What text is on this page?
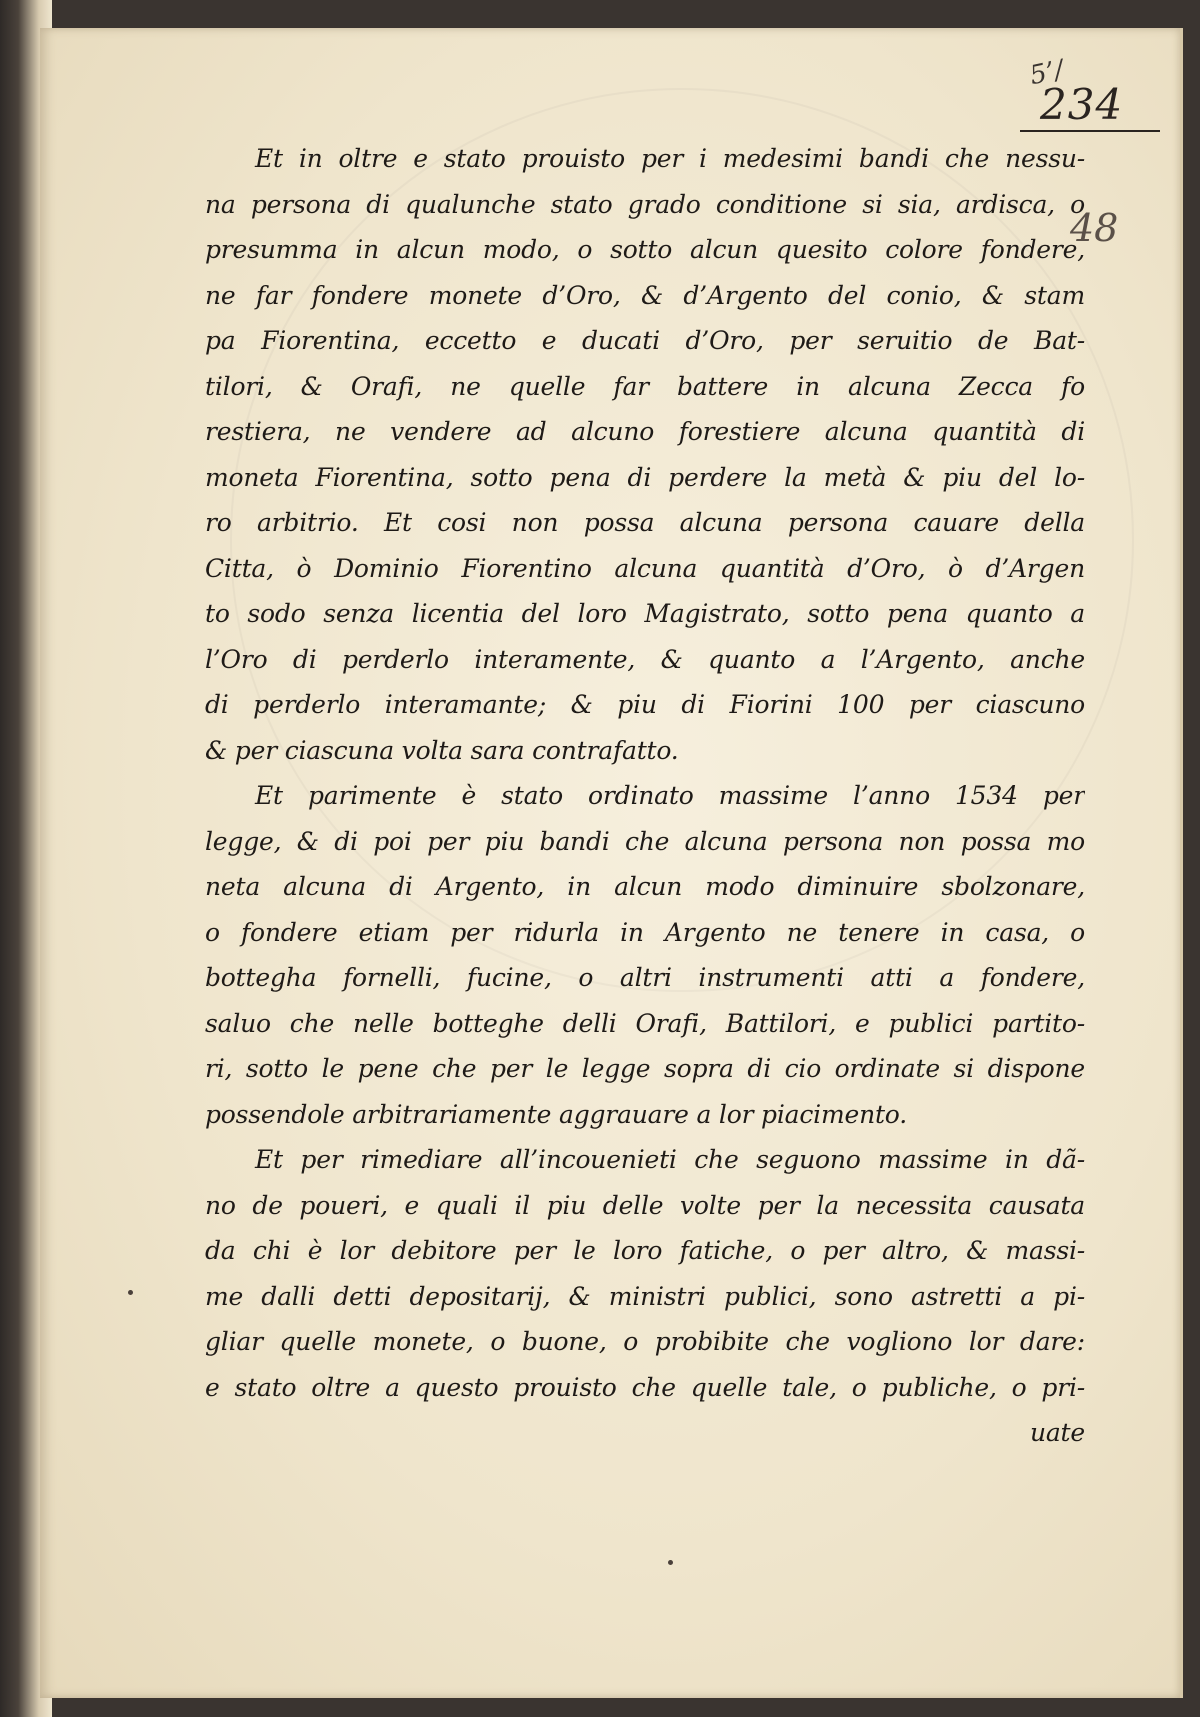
5’/
234
48
Et in oltre e stato prouisto per i medesimi bandi che nessu-
na persona di qualunche stato grado conditione si sia, ardisca, o
presumma in alcun modo, o sotto alcun quesito colore fondere,
ne far fondere monete d’Oro, & d’Argento del conio, & stam
pa Fiorentina, eccetto e ducati d’Oro, per seruitio de Bat-
tilori, & Orafi, ne quelle far battere in alcuna Zecca fo
restiera, ne vendere ad alcuno forestiere alcuna quantità di
moneta Fiorentina, sotto pena di perdere la metà & piu del lo-
ro arbitrio. Et cosi non possa alcuna persona cauare della
Citta, ò Dominio Fiorentino alcuna quantità d’Oro, ò d’Argen
to sodo senza licentia del loro Magistrato, sotto pena quanto a
l’Oro di perderlo interamente, & quanto a l’Argento, anche
di perderlo interamante; & piu di Fiorini 100 per ciascuno
& per ciascuna volta sara contrafatto.
Et parimente è stato ordinato massime l’anno 1534 per
legge, & di poi per piu bandi che alcuna persona non possa mo
neta alcuna di Argento, in alcun modo diminuire sbolzonare,
o fondere etiam per ridurla in Argento ne tenere in casa, o
bottegha fornelli, fucine, o altri instrumenti atti a fondere,
saluo che nelle botteghe delli Orafi, Battilori, e publici partito-
ri, sotto le pene che per le legge sopra di cio ordinate si dispone
possendole arbitrariamente aggrauare a lor piacimento.
Et per rimediare all’incouenieti che seguono massime in dã-
no de poueri, e quali il piu delle volte per la necessita causata
da chi è lor debitore per le loro fatiche, o per altro, & massi-
me dalli detti depositarij, & ministri publici, sono astretti a pi-
gliar quelle monete, o buone, o probibite che vogliono lor dare:
e stato oltre a questo prouisto che quelle tale, o publiche, o pri-
uate
